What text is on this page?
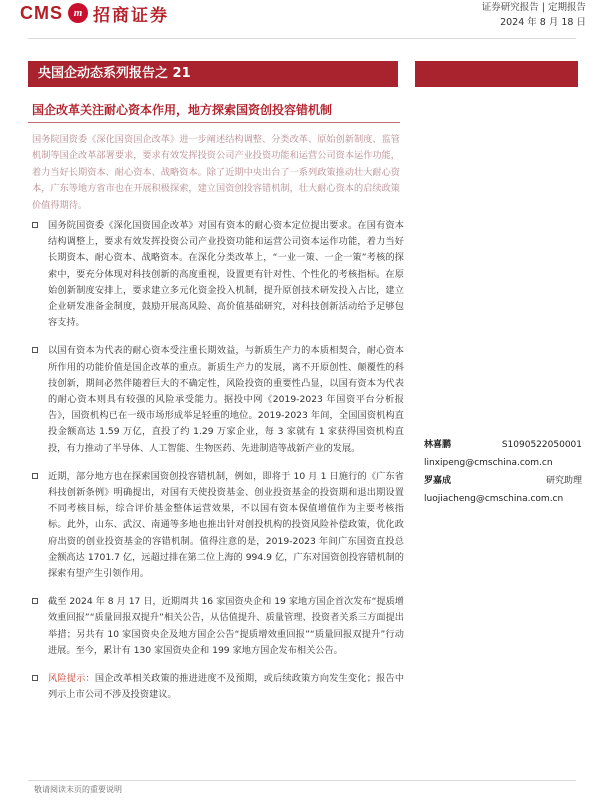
CMS m 招商证券	证券研究报告 | 定期报告
2024 年 8 月 18 日
央国企动态系列报告之 21
国企改革关注耐心资本作用，地方探索国资创投容错机制
国务院国资委《深化国资国企改革》进一步阐述结构调整、分类改革、原始创新制度、监管机制等国企改革部署要求，要求有效发挥投资公司产业投资功能和运营公司资本运作功能，着力当好长期资本、耐心资本、战略资本。除了近期中央出台了一系列政策推动壮大耐心资本，广东等地方省市也在开展积极探索，建立国资创投容错机制，壮大耐心资本的启续政策价值得期待。
国务院国资委《深化国资国企改革》对国有资本的耐心资本定位提出要求。在国有资本结构调整上，要求有效发挥投资公司产业投资功能和运营公司资本运作功能，着力当好长期资本、耐心资本、战略资本。在深化分类改革上，“一业一策、一企一策”考核的探索中，要充分体现对科技创新的高度重视，设置更有针对性、个性化的考核指标。在原始创新制度安排上，要求建立多元化资金投入机制，提升原创技术研发投入占比，建立企业研发准备金制度，鼓励开展高风险、高价值基础研究，对科技创新活动给予足够包容支持。
以国有资本为代表的耐心资本受注重长期效益，与新质生产力的本质相契合，耐心资本所作用的功能价值是国企改革的重点。新质生产力的发展，离不开原创性、颠覆性的科技创新，期间必然伴随着巨大的不确定性，风险投资的重要性凸显，以国有资本为代表的耐心资本则具有较强的风险承受能力。据投中网《2019-2023 年国资平台分析报告》，国资机构已在一级市场形成举足轻重的地位。2019-2023 年间，全国国资机构直投金额高达 1.59 万亿，直投了约 1.29 万家企业，每 3 家就有 1 家获得国资机构直投，有力推动了半导体、人工智能、生物医药、先进制造等战新产业的发展。
近期，部分地方也在探索国资创投容错机制，例如，即将于 10 月 1 日施行的《广东省科技创新条例》明确提出，对国有天使投资基金、创业投资基金的投资期和退出期设置不同考核目标，综合评价基金整体运营效果，不以国有资本保值增值作为主要考核指标。此外，山东、武汉、南通等多地也推出针对创投机构的投资风险补偿政策，优化政府出资的创业投资基金的容错机制。值得注意的是，2019-2023 年间广东国资直投总金额高达 1701.7 亿，远超过排在第二位上海的 994.9 亿，广东对国资创投容错机制的探索有望产生引领作用。
截至 2024 年 8 月 17 日，近期周共 16 家国资央企和 19 家地方国企首次发布“提质增效重回报”“质量回报双提升”相关公告，从估值提升、质量管理、投资者关系三方面提出举措；另共有 10 家国资央企及地方国企公告“提质增效重回报”“质量回报双提升”行动进展。至今，累计有 130 家国资央企和 199 家地方国企发布相关公告。
风险提示：国企改革相关政策的推进进度不及预期，或后续政策方向发生变化；报告中列示上市公司不涉及投资建议。
林喜鹏	S1090522050001
linxipeng@cmschina.com.cn
罗嘉成	研究助理
luojiacheng@cmschina.com.cn
敬请阅读末页的重要说明
